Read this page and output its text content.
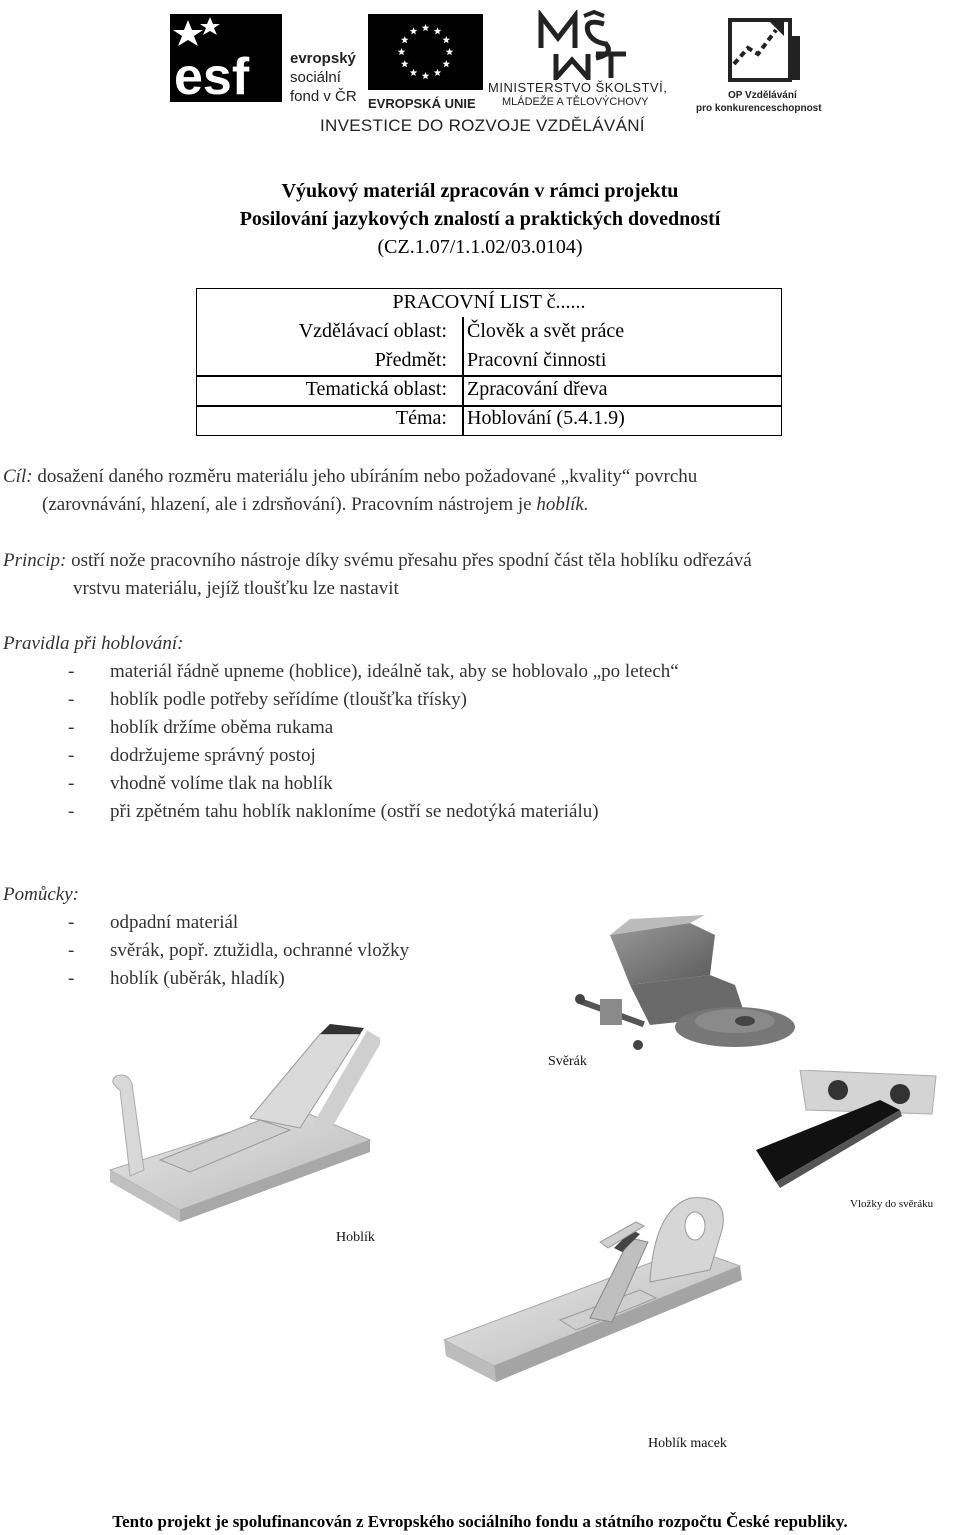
esf	evropský
sociální
fond v ČR EVROPSKÁ UNIE
MINISTERSTVO ŠKOLSTVÍ,
MLÁDEŽE A TĚLOVÝCHOVY
OP Vzdělávání
pro konkurenceschopnost
INVESTICE DO ROZVOJE VZDĚLÁVÁNÍ
Výukový materiál zpracován v rámci projektu
Posilování jazykových znalostí a praktických dovedností
(CZ.1.07/1.1.02/03.0104)
PRACOVNÍ LIST č......
Vzdělávací oblast:	Člověk a svět práce
Předmět:	Pracovní činnosti
Tematická oblast:	Zpracování dřeva
Téma:	Hoblování (5.4.1.9)
Cíl: dosažení daného rozměru materiálu jeho ubíráním nebo požadované „kvality“ povrchu
(zarovnávání, hlazení, ale i zdrsňování). Pracovním nástrojem je hoblík.
Princip: ostří nože pracovního nástroje díky svému přesahu přes spodní část těla hoblíku odřezává
vrstvu materiálu, jejíž tloušťku lze nastavit
Pravidla při hoblování:
- materiál řádně upneme (hoblice), ideálně tak, aby se hoblovalo „po letech“
- hoblík podle potřeby seřídíme (tloušťka třísky)
- hoblík držíme oběma rukama
- dodržujeme správný postoj
- vhodně volíme tlak na hoblík
- při zpětném tahu hoblík nakloníme (ostří se nedotýká materiálu)
Pomůcky:
- odpadní materiál
- svěrák, popř. ztužidla, ochranné vložky
- hoblík (uběrák, hladík)
Svěrák
Vložky do svěráku
Hoblík
Hoblík macek
Tento projekt je spolufinancován z Evropského sociálního fondu a státního rozpočtu České republiky.
